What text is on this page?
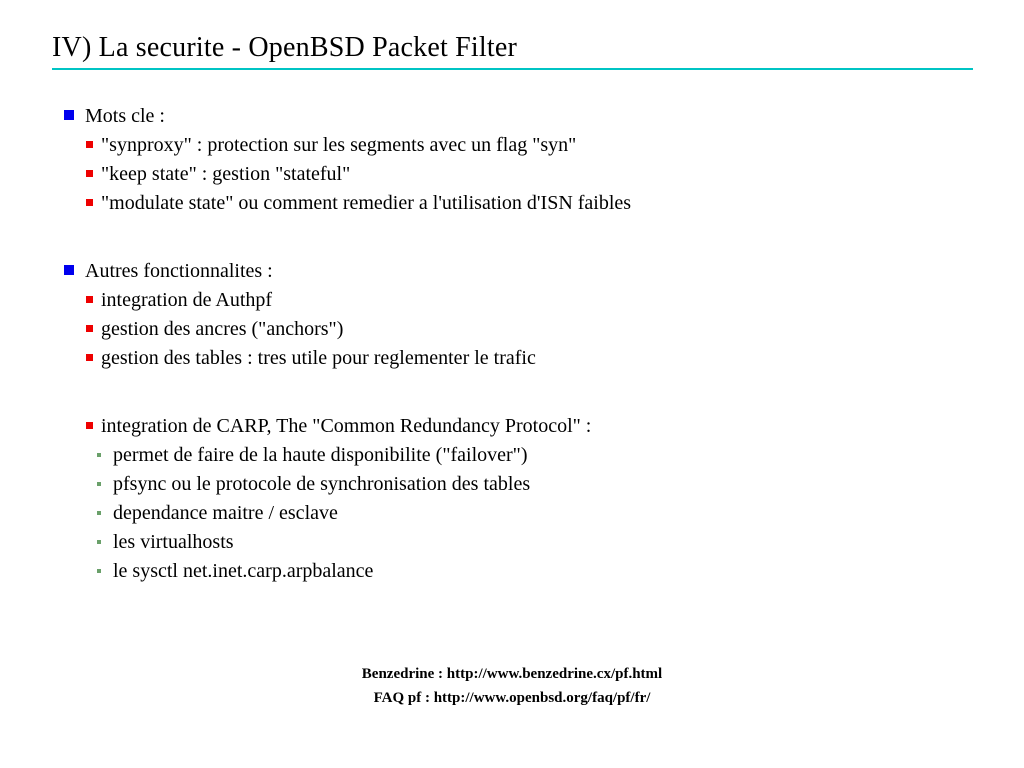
IV) La securite - OpenBSD Packet Filter
Mots cle :
"synproxy" : protection sur les segments avec un flag "syn"
"keep state" : gestion "stateful"
"modulate state" ou comment remedier a l'utilisation d'ISN faibles
Autres fonctionnalites :
integration de Authpf
gestion des ancres ("anchors")
gestion des tables : tres utile pour reglementer le trafic
integration de CARP, The "Common Redundancy Protocol" :
permet de faire de la haute disponibilite ("failover")
pfsync ou le protocole de synchronisation des tables
dependance maitre / esclave
les virtualhosts
le sysctl net.inet.carp.arpbalance
Benzedrine : http://www.benzedrine.cx/pf.html
FAQ pf : http://www.openbsd.org/faq/pf/fr/
